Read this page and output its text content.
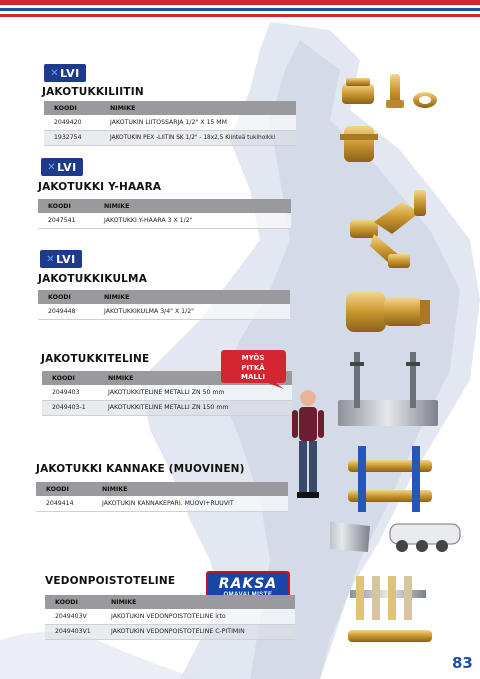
✕ LVI
JAKOTUKKILIITIN
KOODI	NIMIKE
2049420	JAKOTUKIN LIITOSSARJA 1/2" X 15 MM
1932754	JAKOTUKIN PEX -LIITIN SK 1/2" - 18x2,5 Kiinteä tukiholkki
✕ LVI
JAKOTUKKI Y-HAARA
KOODI	NIMIKE
2047541	JAKOTUKKI Y-HAARA 3 X 1/2"
✕ LVI
JAKOTUKKIKULMA
KOODI	NIMIKE
2049448	JAKOTUKKIKULMA 3/4" X 1/2"
JAKOTUKKITELINE
KOODI	NIMIKE
2049403	JAKOTUKKITELINE METALLI ZN 50 mm
2049403-1	JAKOTUKKITELINE METALLI ZN 150 mm
MYÖS
PITKÄ
MALLI
JAKOTUKKI KANNAKE (MUOVINEN)
KOODI	NIMIKE
2049414	JAKOTUKIN KANNAKEPARI. MUOVI+RUUVIT
VEDONPOISTOTELINE	RAKSA
KOODI	NIMIKE
2049403V	JAKOTUKIN VEDONPOISTOTELINE irto
2049403V1	JAKOTUKIN VEDONPOISTOTELINE C-PITIMIN
83
